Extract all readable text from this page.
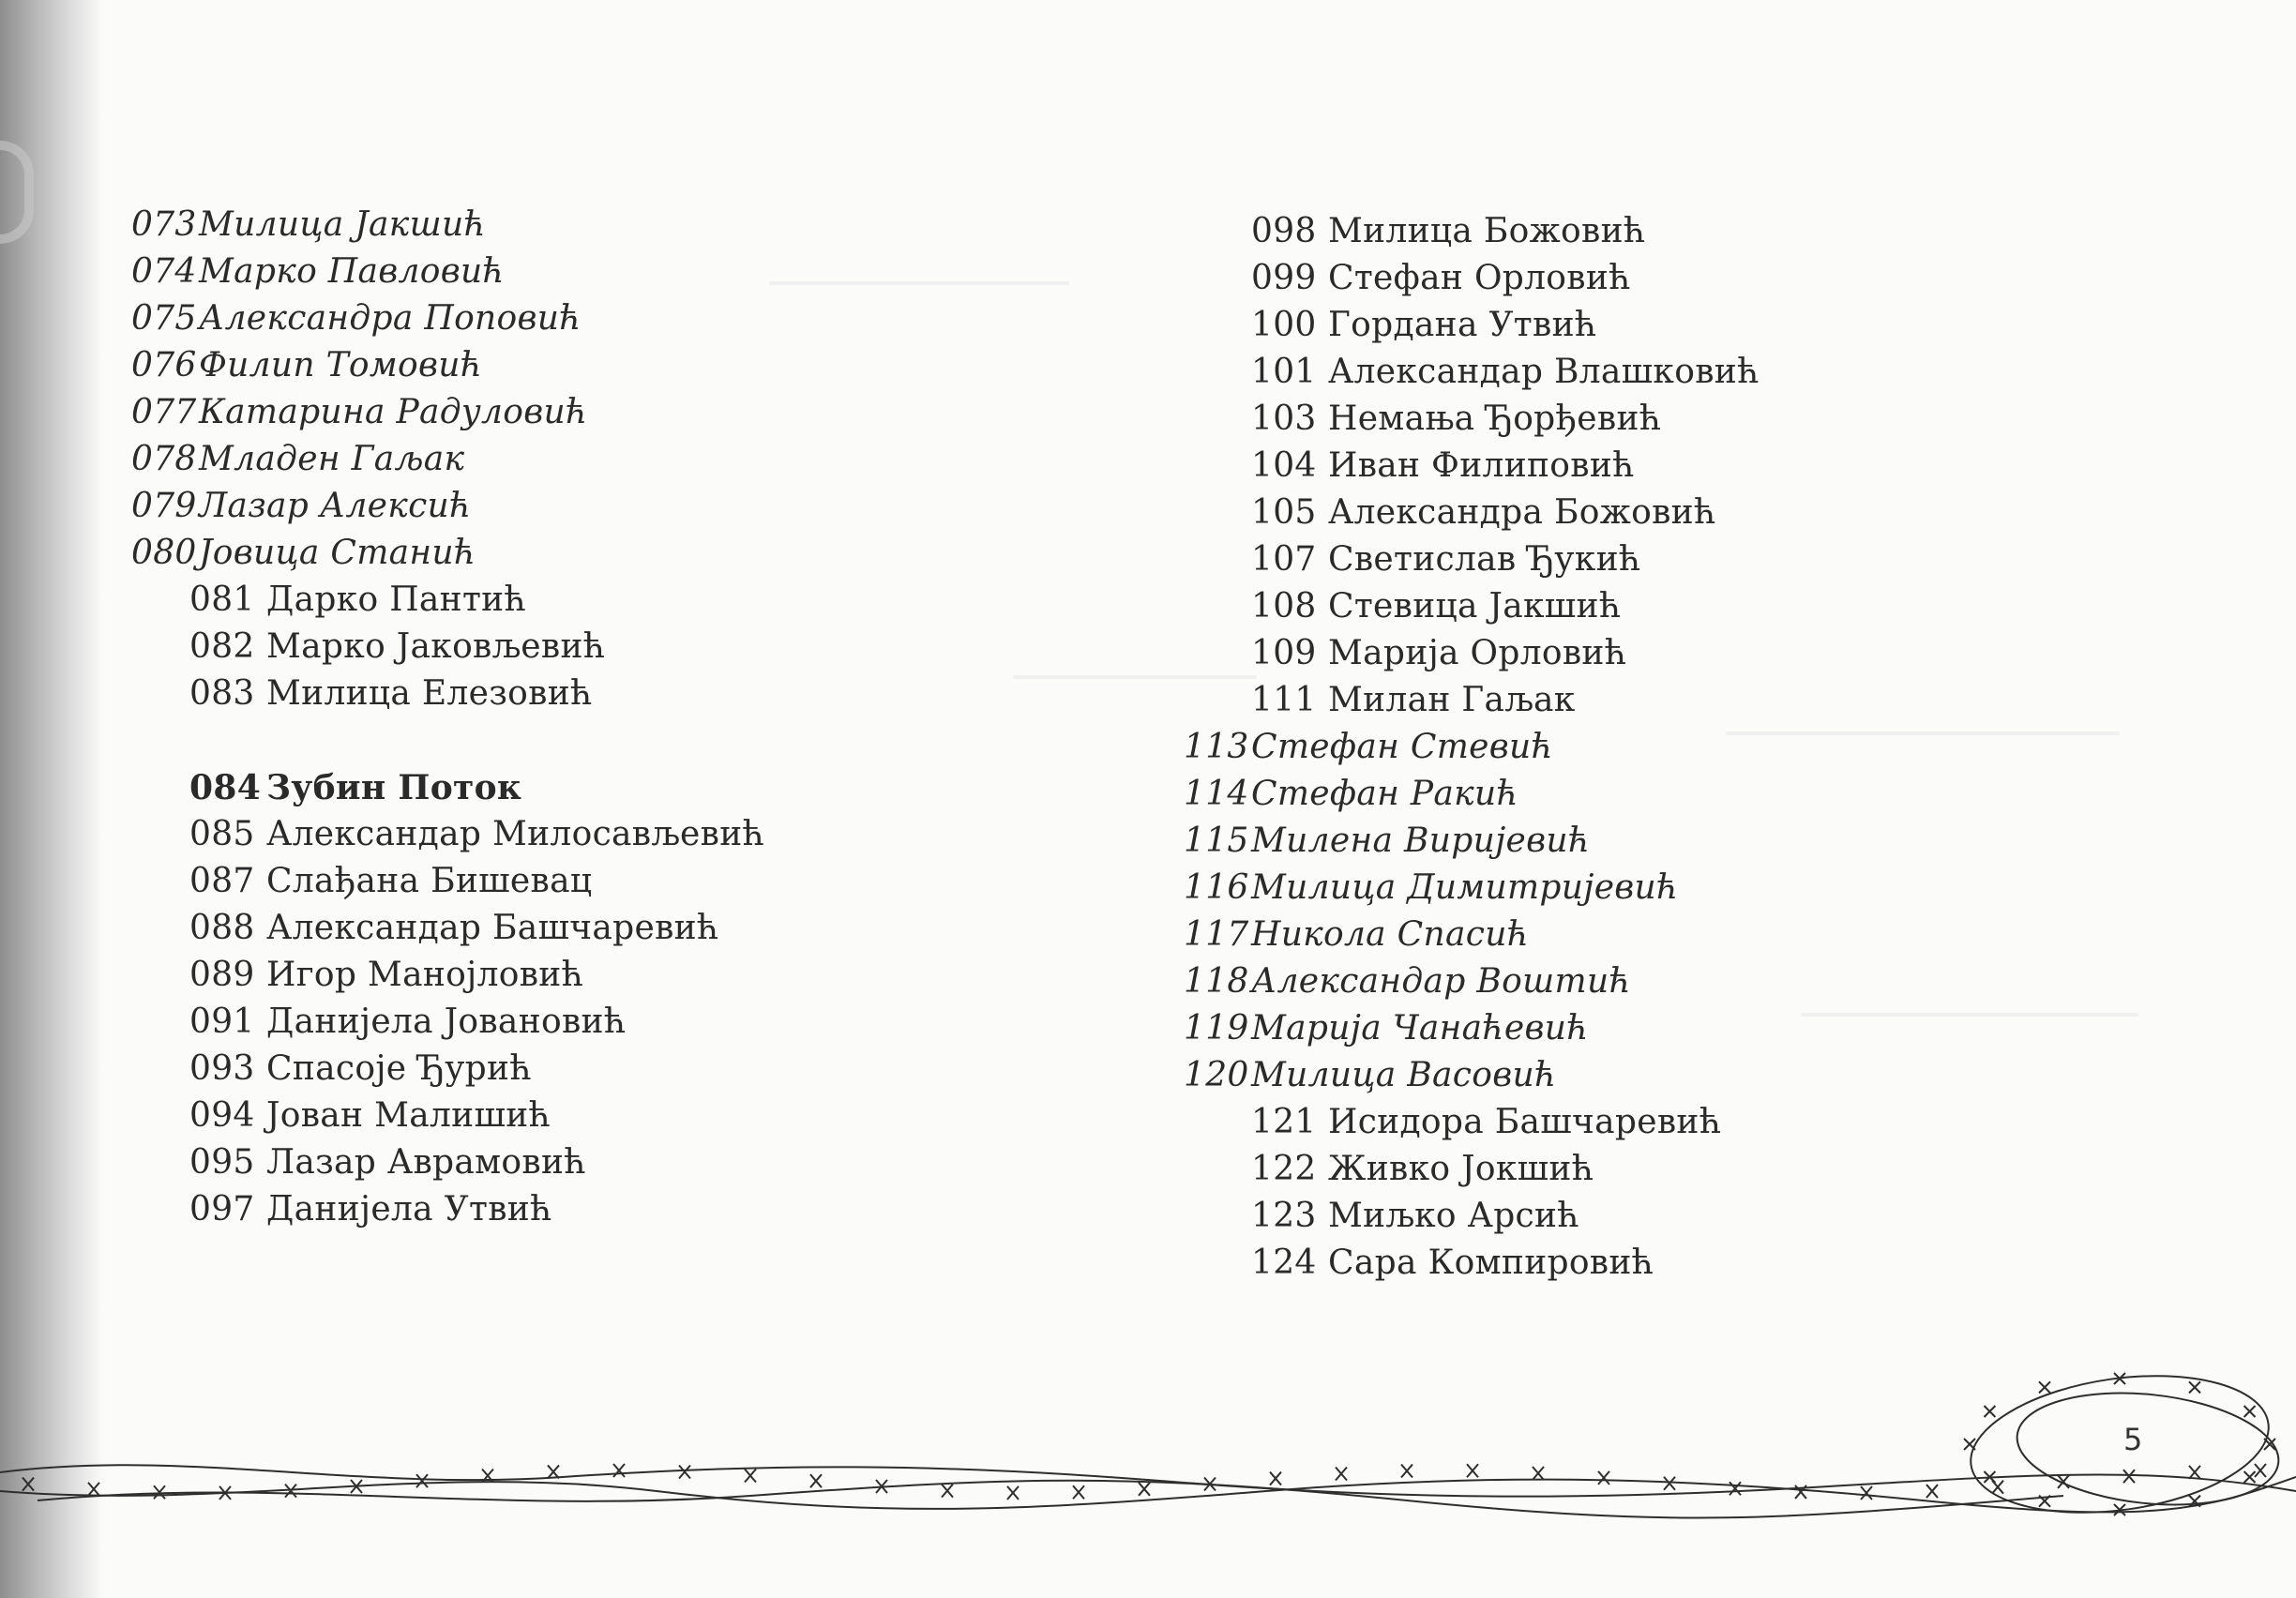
073Милица Јакшић
074Марко Павловић
075Александра Поповић
076Филип Томовић
077Катарина Радуловић
078Младен Гаљак
079Лазар Алексић
080Јовица Станић
081 Дарко Пантић
082 Марко Јаковљевић
083 Милица Елезовић
084 Зубин Поток
085 Александар Милосављевић
087 Слађана Бишевац
088 Александар Башчаревић
089 Игор Манојловић
091 Данијела Јовановић
093 Спасоје Ђурић
094 Јован Малишић
095 Лазар Аврамовић
097 Данијела Утвић
098 Милица Божовић
099 Стефан Орловић
100 Гордана Утвић
101 Александар Влашковић
103 Немања Ђорђевић
104 Иван Филиповић
105 Александра Божовић
107 Светислав Ђукић
108 Стевица Јакшић
109 Марија Орловић
111 Милан Гаљак
113Стефан Стевић
114Стефан Ракић
115Милена Виријевић
116Милица Димитријевић
117Никола Спасић
118Александар Воштић
119Марија Чанаћевић
120Милица Васовић
121 Исидора Башчаревић
122 Живко Јокшић
123 Миљко Арсић
124 Сара Компировић
5
